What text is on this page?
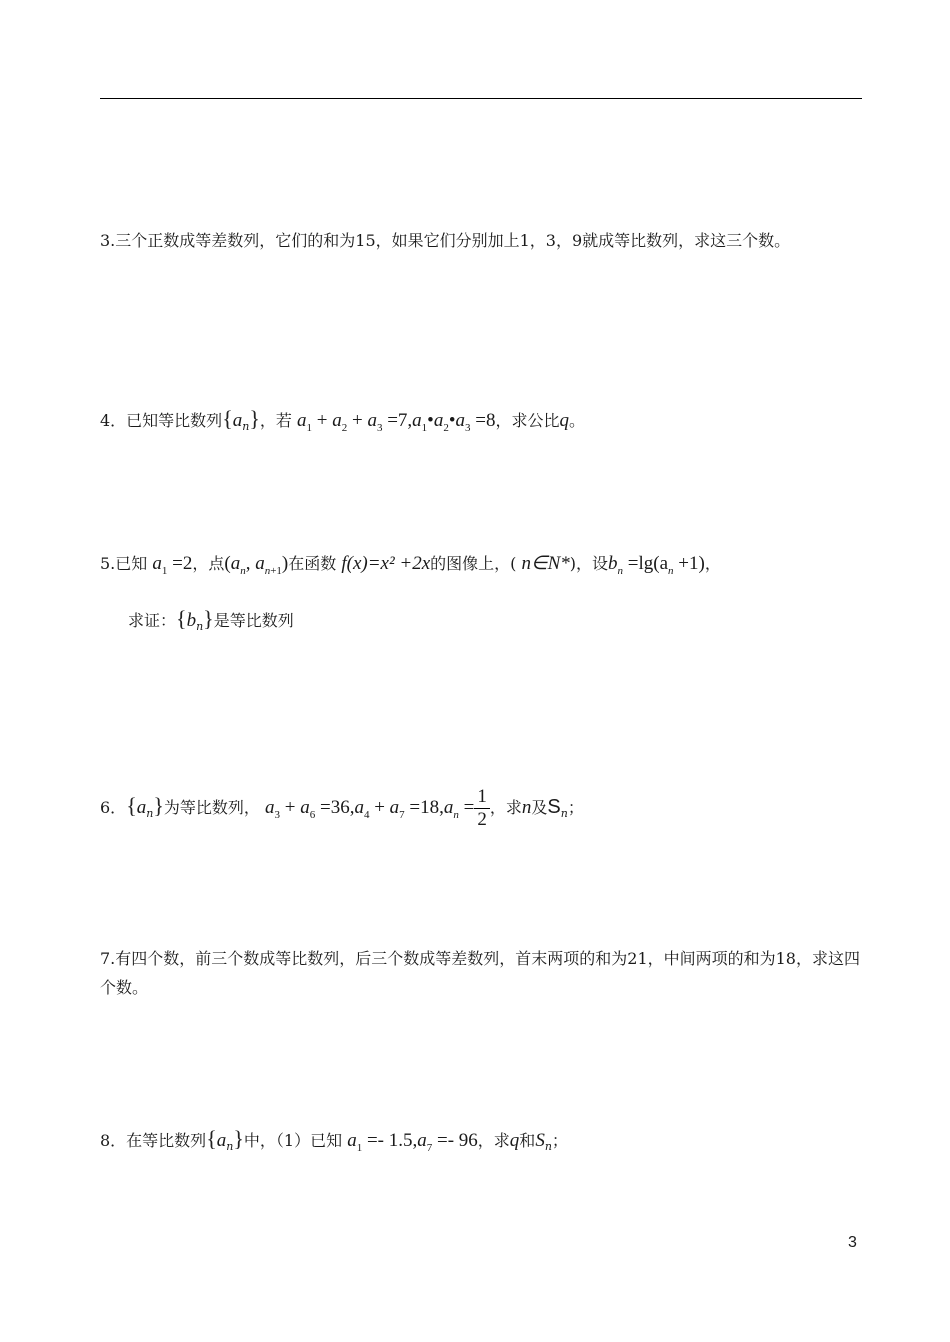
3.三个正数成等差数列，它们的和为15，如果它们分别加上1，3，9就成等比数列，求这三个数。
4．已知等比数列$\{a_n\}$，若 $a_1 + a_2 + a_3$ $=7,a_1•a_2•a_3 =8$，求公比q。
5.已知 $a_1 =2$，点($a_n$, $a_{n+1}$)在函数 f(x)=x² +2x的图像上，( n∈N*)，设$b_n =\lg(a_n +1)$，
求证：$\{b_n\}$是等比数列
6．$\{a_n\}$为等比数列， $a_3 + a_6 =36,a_4 + a_7 =18,a_n = \frac{1}{2}$ ，求n及$S_n$；
7.有四个数，前三个数成等比数列，后三个数成等差数列，首末两项的和为21，中间两项的和为18，求这四个数。
8．在等比数列$\{a_n\}$中，（1）已知 $a_1 =- 1.5,a_7 =- 96$，求q和$S_n$；
3
